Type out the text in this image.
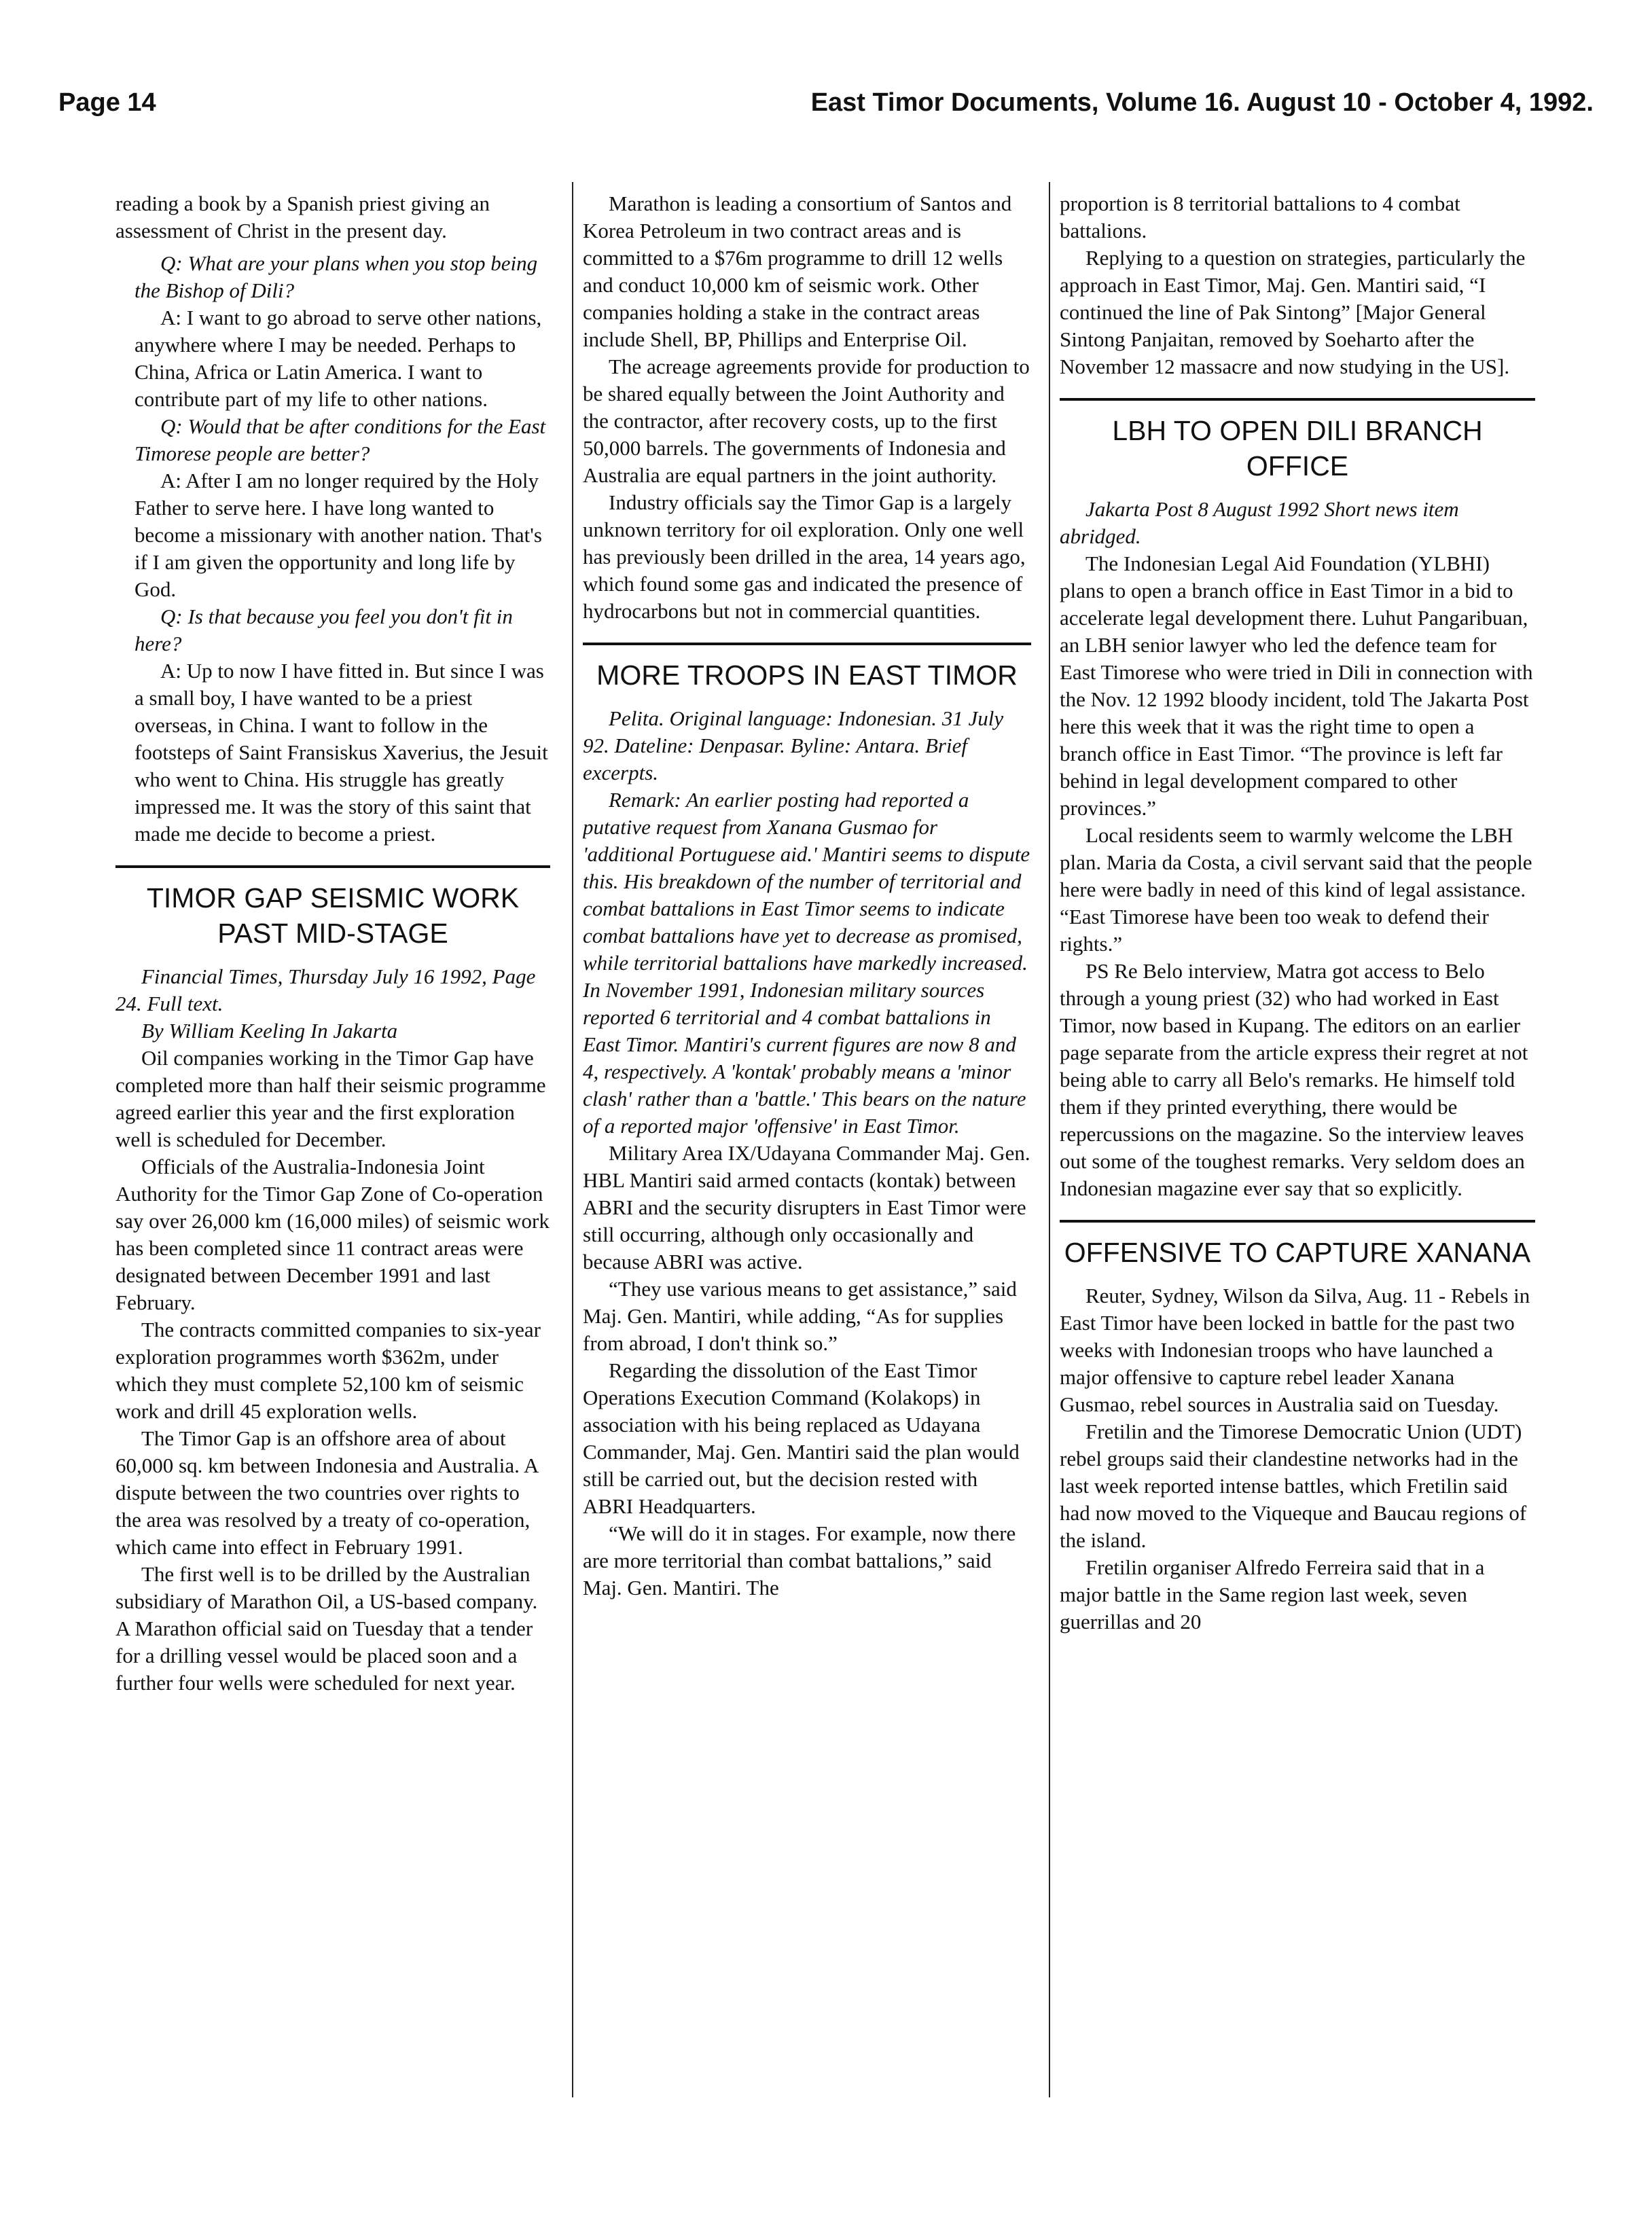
Page 14	East Timor Documents, Volume 16. August 10 - October 4, 1992.

reading a book by a Spanish priest giving an assessment of Christ in the present day.

Q: What are your plans when you stop being the Bishop of Dili?

A: I want to go abroad to serve other nations, anywhere where I may be needed. Perhaps to China, Africa or Latin America. I want to contribute part of my life to other nations.

Q: Would that be after conditions for the East Timorese people are better?

A: After I am no longer required by the Holy Father to serve here. I have long wanted to become a missionary with another nation. That's if I am given the opportunity and long life by God.

Q: Is that because you feel you don't fit in here?

A: Up to now I have fitted in. But since I was a small boy, I have wanted to be a priest overseas, in China. I want to follow in the footsteps of Saint Fransiskus Xaverius, the Jesuit who went to China. His struggle has greatly impressed me. It was the story of this saint that made me decide to become a priest.

TIMOR GAP SEISMIC WORK PAST MID-STAGE

Financial Times, Thursday July 16 1992, Page 24. Full text.

By William Keeling In Jakarta

Oil companies working in the Timor Gap have completed more than half their seismic programme agreed earlier this year and the first exploration well is scheduled for December.

Officials of the Australia-Indonesia Joint Authority for the Timor Gap Zone of Co-operation say over 26,000 km (16,000 miles) of seismic work has been completed since 11 contract areas were designated between December 1991 and last February.

The contracts committed companies to six-year exploration programmes worth $362m, under which they must complete 52,100 km of seismic work and drill 45 exploration wells.

The Timor Gap is an offshore area of about 60,000 sq. km between Indonesia and Australia. A dispute between the two countries over rights to the area was resolved by a treaty of co-operation, which came into effect in February 1991.

The first well is to be drilled by the Australian subsidiary of Marathon Oil, a US-based company. A Marathon official said on Tuesday that a tender for a drilling vessel would be placed soon and a further four wells were scheduled for next year.

Marathon is leading a consortium of Santos and Korea Petroleum in two contract areas and is committed to a $76m programme to drill 12 wells and conduct 10,000 km of seismic work. Other companies holding a stake in the contract areas include Shell, BP, Phillips and Enterprise Oil.

The acreage agreements provide for production to be shared equally between the Joint Authority and the contractor, after recovery costs, up to the first 50,000 barrels. The governments of Indonesia and Australia are equal partners in the joint authority.

Industry officials say the Timor Gap is a largely unknown territory for oil exploration. Only one well has previously been drilled in the area, 14 years ago, which found some gas and indicated the presence of hydrocarbons but not in commercial quantities.

MORE TROOPS IN EAST TIMOR

Pelita. Original language: Indonesian. 31 July 92. Dateline: Denpasar. Byline: Antara. Brief excerpts.

Remark: An earlier posting had reported a putative request from Xanana Gusmao for 'additional Portuguese aid.' Mantiri seems to dispute this. His breakdown of the number of territorial and combat battalions in East Timor seems to indicate combat battalions have yet to decrease as promised, while territorial battalions have markedly increased. In November 1991, Indonesian military sources reported 6 territorial and 4 combat battalions in East Timor. Mantiri's current figures are now 8 and 4, respectively. A 'kontak' probably means a 'minor clash' rather than a 'battle.' This bears on the nature of a reported major 'offensive' in East Timor.

Military Area IX/Udayana Commander Maj. Gen. HBL Mantiri said armed contacts (kontak) between ABRI and the security disrupters in East Timor were still occurring, although only occasionally and because ABRI was active.

“They use various means to get assistance,” said Maj. Gen. Mantiri, while adding, “As for supplies from abroad, I don't think so.”

Regarding the dissolution of the East Timor Operations Execution Command (Kolakops) in association with his being replaced as Udayana Commander, Maj. Gen. Mantiri said the plan would still be carried out, but the decision rested with ABRI Headquarters.

“We will do it in stages. For example, now there are more territorial than combat battalions,” said Maj. Gen. Mantiri. The

proportion is 8 territorial battalions to 4 combat battalions.

Replying to a question on strategies, particularly the approach in East Timor, Maj. Gen. Mantiri said, “I continued the line of Pak Sintong” [Major General Sintong Panjaitan, removed by Soeharto after the November 12 massacre and now studying in the US].

LBH TO OPEN DILI BRANCH OFFICE

Jakarta Post 8 August 1992 Short news item abridged.

The Indonesian Legal Aid Foundation (YLBHI) plans to open a branch office in East Timor in a bid to accelerate legal development there. Luhut Pangaribuan, an LBH senior lawyer who led the defence team for East Timorese who were tried in Dili in connection with the Nov. 12 1992 bloody incident, told The Jakarta Post here this week that it was the right time to open a branch office in East Timor. “The province is left far behind in legal development compared to other provinces.”

Local residents seem to warmly welcome the LBH plan. Maria da Costa, a civil servant said that the people here were badly in need of this kind of legal assistance. “East Timorese have been too weak to defend their rights.”

PS Re Belo interview, Matra got access to Belo through a young priest (32) who had worked in East Timor, now based in Kupang. The editors on an earlier page separate from the article express their regret at not being able to carry all Belo's remarks. He himself told them if they printed everything, there would be repercussions on the magazine. So the interview leaves out some of the toughest remarks. Very seldom does an Indonesian magazine ever say that so explicitly.

OFFENSIVE TO CAPTURE XANANA

Reuter, Sydney, Wilson da Silva, Aug. 11 - Rebels in East Timor have been locked in battle for the past two weeks with Indonesian troops who have launched a major offensive to capture rebel leader Xanana Gusmao, rebel sources in Australia said on Tuesday.

Fretilin and the Timorese Democratic Union (UDT) rebel groups said their clandestine networks had in the last week reported intense battles, which Fretilin said had now moved to the Viqueque and Baucau regions of the island.

Fretilin organiser Alfredo Ferreira said that in a major battle in the Same region last week, seven guerrillas and 20
